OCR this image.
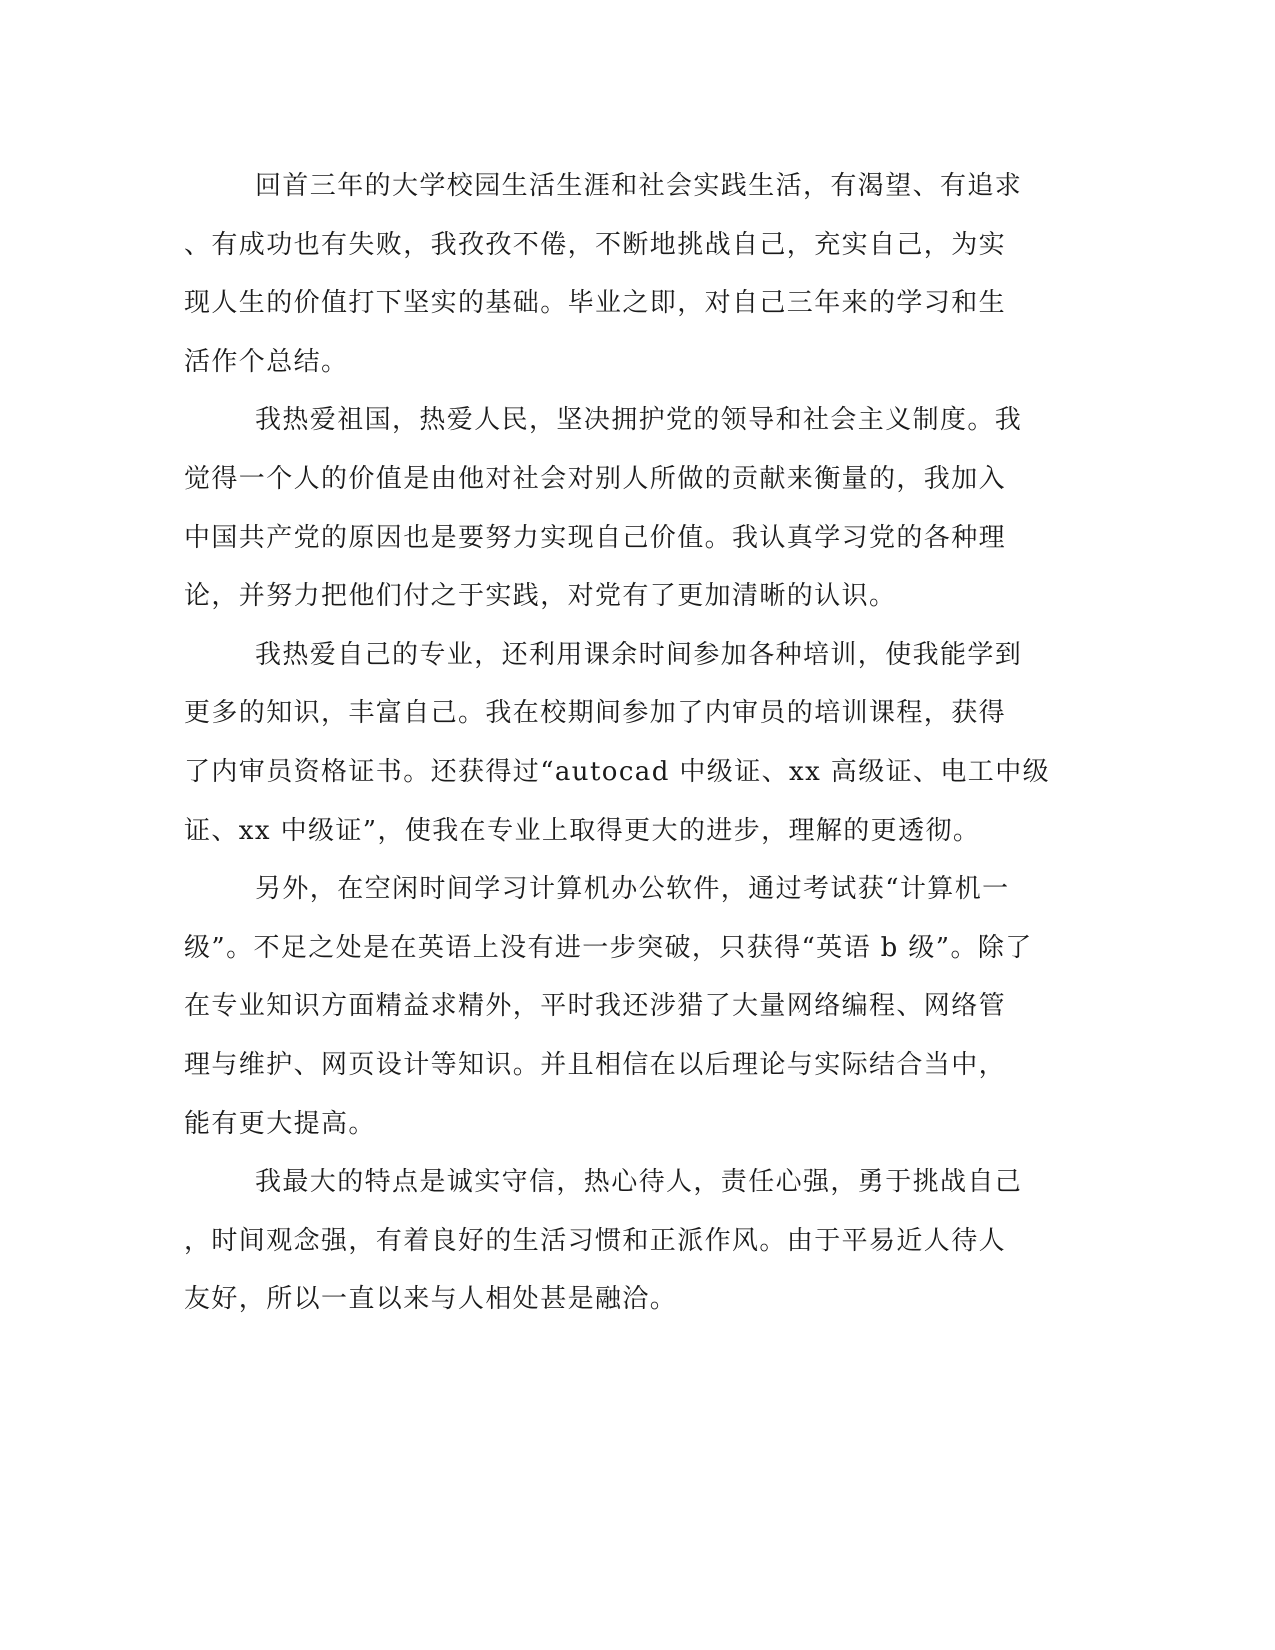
回首三年的大学校园生活生涯和社会实践生活，有渴望、有追求
、有成功也有失败，我孜孜不倦，不断地挑战自己，充实自己，为实
现人生的价值打下坚实的基础。毕业之即，对自己三年来的学习和生
活作个总结。

我热爱祖国，热爱人民，坚决拥护党的领导和社会主义制度。我
觉得一个人的价值是由他对社会对别人所做的贡献来衡量的，我加入
中国共产党的原因也是要努力实现自己价值。我认真学习党的各种理
论，并努力把他们付之于实践，对党有了更加清晰的认识。

我热爱自己的专业，还利用课余时间参加各种培训，使我能学到
更多的知识，丰富自己。我在校期间参加了内审员的培训课程，获得
了内审员资格证书。还获得过“autocad 中级证、xx 高级证、电工中级
证、xx 中级证”，使我在专业上取得更大的进步，理解的更透彻。

另外，在空闲时间学习计算机办公软件，通过考试获“计算机一
级”。不足之处是在英语上没有进一步突破，只获得“英语 b 级”。除了
在专业知识方面精益求精外，平时我还涉猎了大量网络编程、网络管
理与维护、网页设计等知识。并且相信在以后理论与实际结合当中，
能有更大提高。

我最大的特点是诚实守信，热心待人，责任心强，勇于挑战自己
，时间观念强，有着良好的生活习惯和正派作风。由于平易近人待人
友好，所以一直以来与人相处甚是融洽。
